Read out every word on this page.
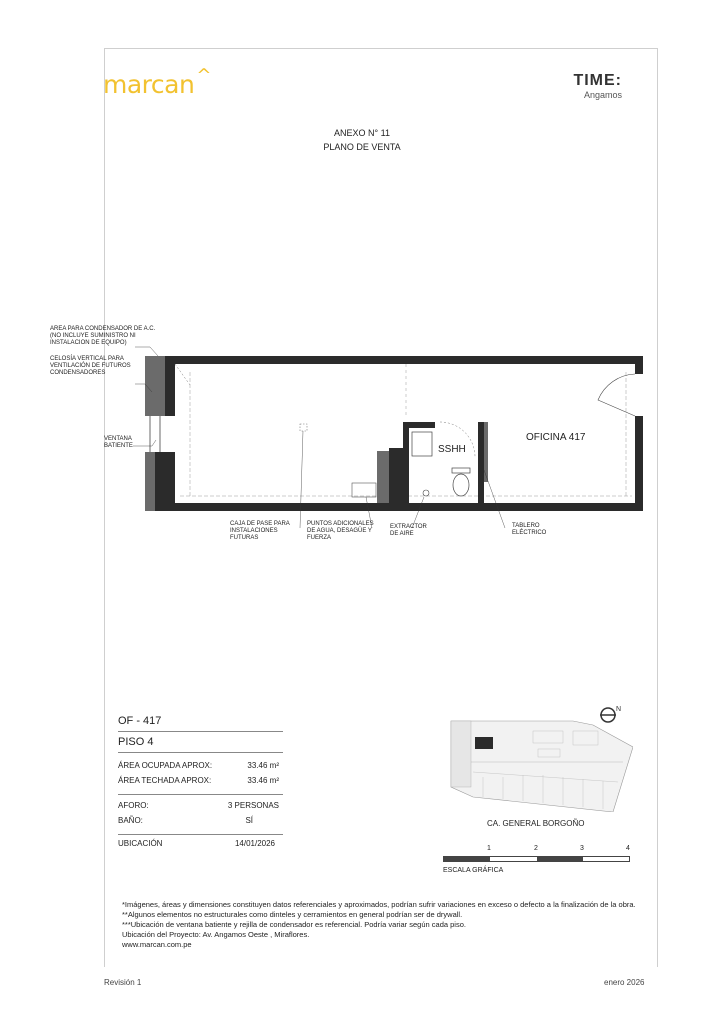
marcan ^	TIME:
Angamos
ANEXO N° 11
PLANO DE VENTA
AREA PARA CONDENSADOR DE A.C. (NO INCLUYE SUMINISTRO NI INSTALACION DE EQUIPO)
CELOSÍA VERTICAL PARA VENTILACIÓN DE FUTUROS CONDENSADORES
VENTANA BATIENTE
CAJA DE PASE PARA INSTALACIONES FUTURAS
PUNTOS ADICIONALES DE AGUA, DESAGÜE Y FUERZA
EXTRACTOR DE AIRE
TABLERO ELÉCTRICO
SSHH
OFICINA 417
OF - 417
PISO 4
ÁREA OCUPADA APROX:	33.46 m²
ÁREA TECHADA APROX:	33.46 m²
AFORO:	3 PERSONAS
BAÑO:	SÍ
UBICACIÓN	14/01/2026
N
CA. GENERAL BORGOÑO
1	2	3	4
ESCALA GRÁFICA
*Imágenes, áreas y dimensiones constituyen datos referenciales y aproximados, podrían sufrir variaciones en exceso o defecto a la finalización de la obra.
**Algunos elementos no estructurales como dinteles y cerramientos en general podrían ser de drywall.
***Ubicación de ventana batiente y rejilla de condensador es referencial. Podría variar según cada piso.
Ubicación del Proyecto: Av. Angamos Oeste , Miraflores.
www.marcan.com.pe
Revisión 1	enero 2026
